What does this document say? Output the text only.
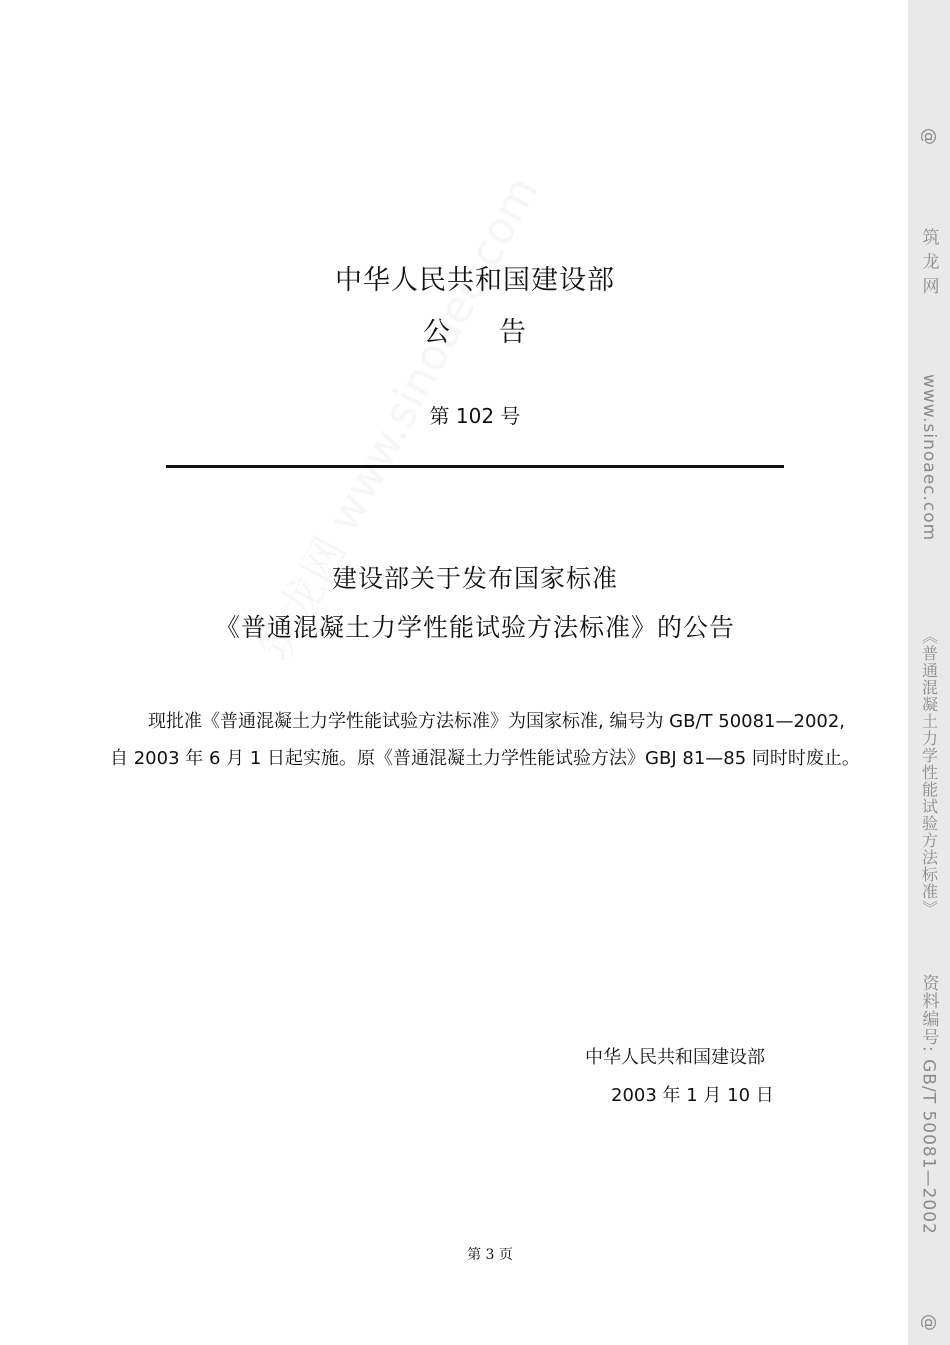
中华人民共和国建设部
公 告
第 102 号
建设部关于发布国家标准
《普通混凝土力学性能试验方法标准》的公告
现批准《普通混凝土力学性能试验方法标准》为国家标准, 编号为 GB/T 50081—2002,
自 2003 年 6 月 1 日起实施。原《普通混凝土力学性能试验方法》GBJ 81—85 同时时废止。
中华人民共和国建设部
2003 年 1 月 10 日
第 3 页
@
筑 龙 网
www.sinoaec.com
《普通混凝土力学性能试验方法标准》
资料编号: GB/T 50081—2002
@
